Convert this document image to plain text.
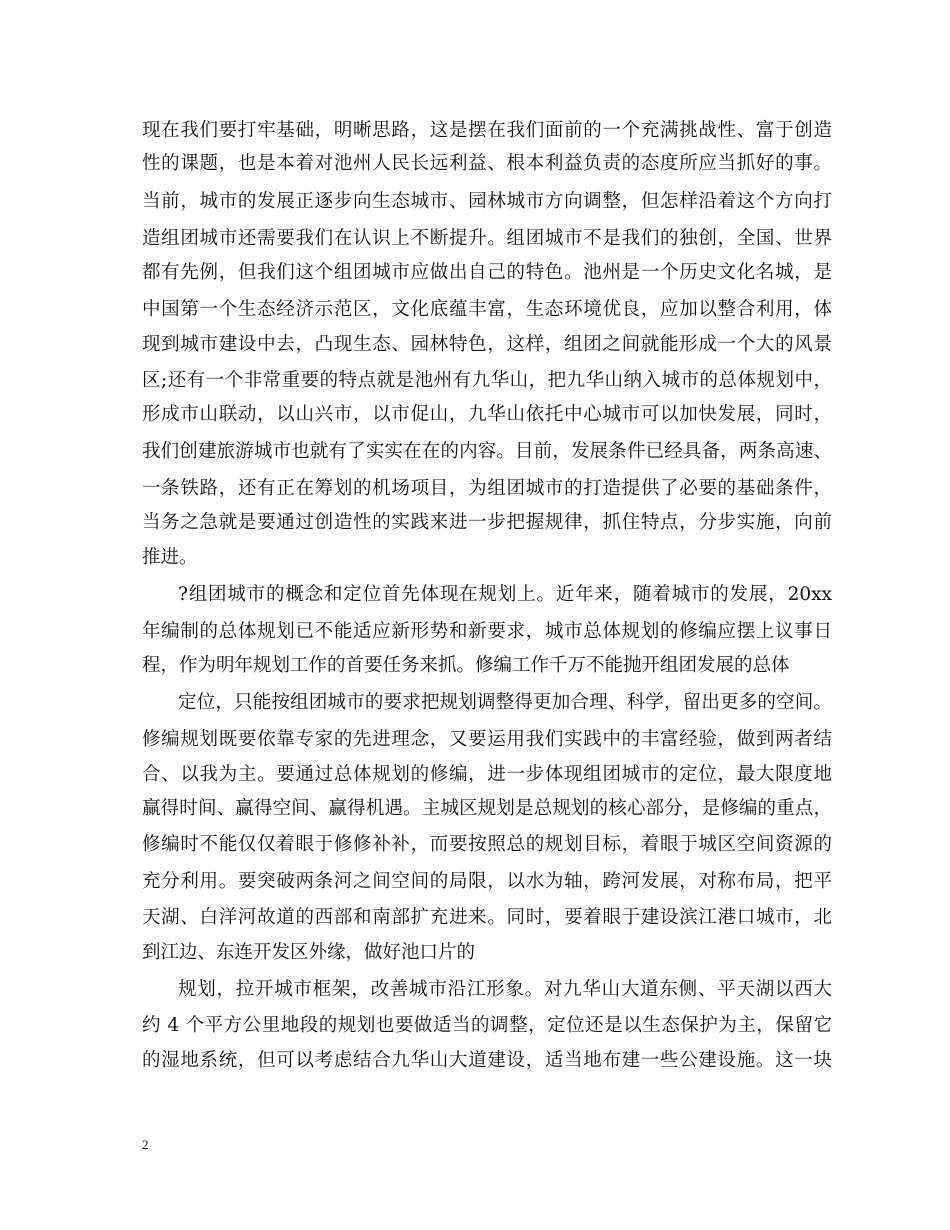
现在我们要打牢基础，明晰思路，这是摆在我们面前的一个充满挑战性、富于创造
性的课题，也是本着对池州人民长远利益、根本利益负责的态度所应当抓好的事。
当前，城市的发展正逐步向生态城市、园林城市方向调整，但怎样沿着这个方向打
造组团城市还需要我们在认识上不断提升。组团城市不是我们的独创，全国、世界
都有先例，但我们这个组团城市应做出自己的特色。池州是一个历史文化名城，是
中国第一个生态经济示范区，文化底蕴丰富，生态环境优良，应加以整合利用，体
现到城市建设中去，凸现生态、园林特色，这样，组团之间就能形成一个大的风景
区;还有一个非常重要的特点就是池州有九华山，把九华山纳入城市的总体规划中，
形成市山联动，以山兴市，以市促山，九华山依托中心城市可以加快发展，同时，
我们创建旅游城市也就有了实实在在的内容。目前，发展条件已经具备，两条高速、
一条铁路，还有正在筹划的机场项目，为组团城市的打造提供了必要的基础条件，
当务之急就是要通过创造性的实践来进一步把握规律，抓住特点，分步实施，向前
推进。
?组团城市的概念和定位首先体现在规划上。近年来，随着城市的发展，20xx
年编制的总体规划已不能适应新形势和新要求，城市总体规划的修编应摆上议事日
程，作为明年规划工作的首要任务来抓。修编工作千万不能抛开组团发展的总体
定位，只能按组团城市的要求把规划调整得更加合理、科学，留出更多的空间。
修编规划既要依靠专家的先进理念，又要运用我们实践中的丰富经验，做到两者结
合、以我为主。要通过总体规划的修编，进一步体现组团城市的定位，最大限度地
赢得时间、赢得空间、赢得机遇。主城区规划是总规划的核心部分，是修编的重点，
修编时不能仅仅着眼于修修补补，而要按照总的规划目标，着眼于城区空间资源的
充分利用。要突破两条河之间空间的局限，以水为轴，跨河发展，对称布局，把平
天湖、白洋河故道的西部和南部扩充进来。同时，要着眼于建设滨江港口城市，北
到江边、东连开发区外缘，做好池口片的
规划，拉开城市框架，改善城市沿江形象。对九华山大道东侧、平天湖以西大
约 4 个平方公里地段的规划也要做适当的调整，定位还是以生态保护为主，保留它
的湿地系统，但可以考虑结合九华山大道建设，适当地布建一些公建设施。这一块
2
